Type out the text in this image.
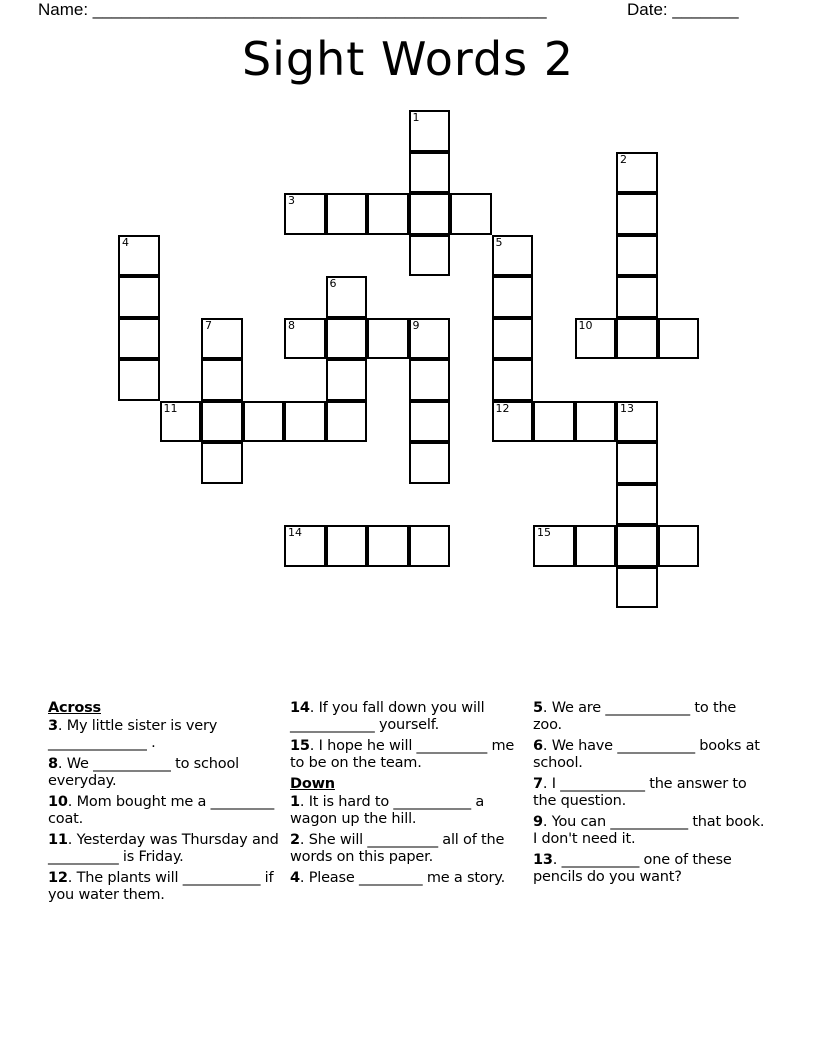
Name: ________________________________________________	Date: _______
Sight Words 2
1
2
3
4	5
12
6
7	8	9	10
11	13
14	15
Across
3. My little sister is very ______________ .
8. We ___________ to school everyday.
10. Mom bought me a _________ coat.
11. Yesterday was Thursday and __________ is Friday.
12. The plants will ___________ if you water them.
14. If you fall down you will ____________ yourself.
15. I hope he will __________ me to be on the team.
Down
1. It is hard to ___________ a wagon up the hill.
2. She will __________ all of the words on this paper.
4. Please _________ me a story.
5. We are ____________ to the zoo.
6. We have ___________ books at school.
7. I ____________ the answer to the question.
9. You can ___________ that book. I don't need it.
13. ___________ one of these pencils do you want?
